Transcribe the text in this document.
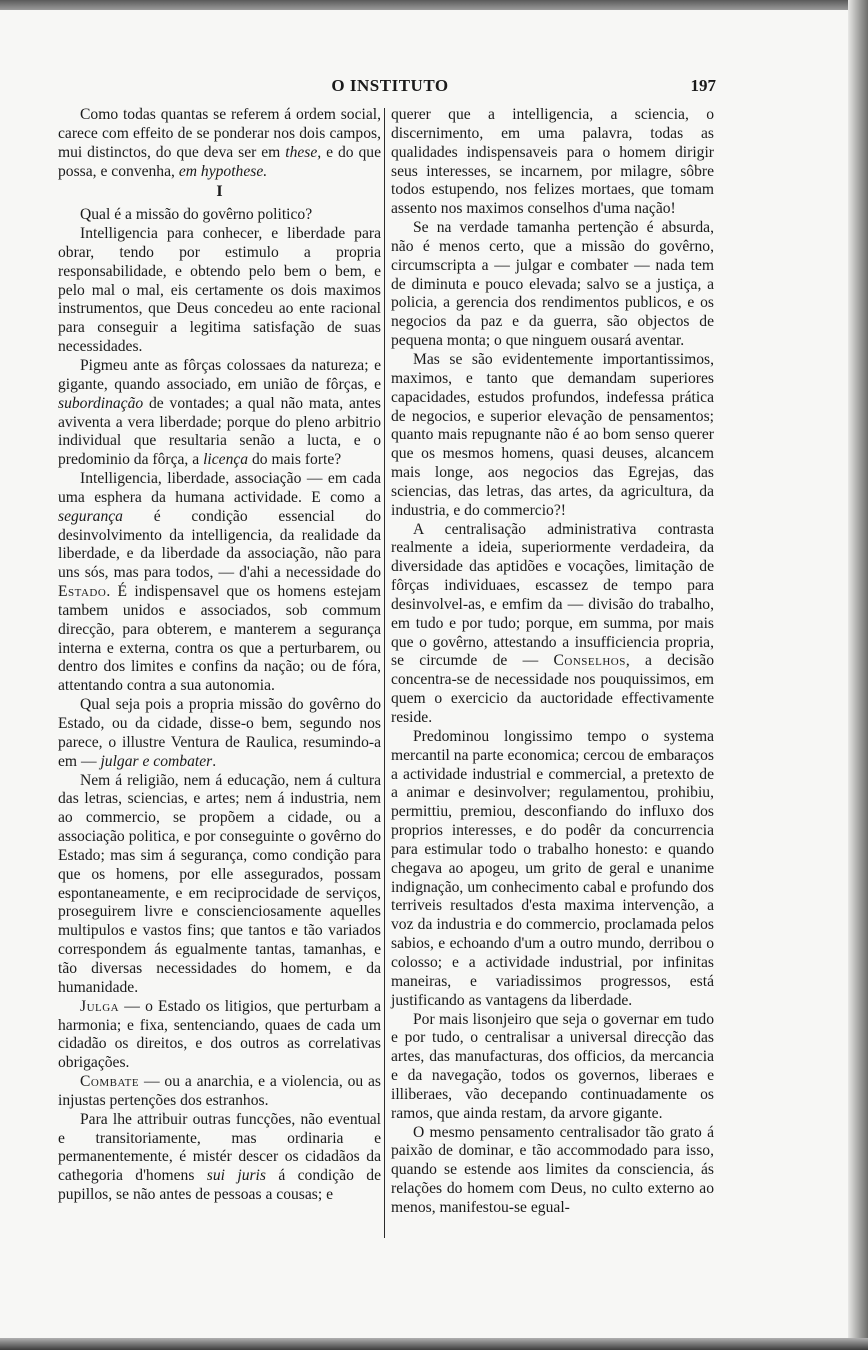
O INSTITUTO	197

Como todas quantas se referem á ordem social, carece com effeito de se ponderar nos dois campos, mui distinctos, do que deva ser em these, e do que possa, e convenha, em hypothese.

I

Qual é a missão do govêrno politico?

Intelligencia para conhecer, e liberdade para obrar, tendo por estimulo a propria responsabilidade, e obtendo pelo bem o bem, e pelo mal o mal, eis certamente os dois maximos instrumentos, que Deus concedeu ao ente racional para conseguir a legitima satisfação de suas necessidades.

Pigmeu ante as fôrças colossaes da natureza; e gigante, quando associado, em união de fôrças, e subordinação de vontades; a qual não mata, antes aviventa a vera liberdade; porque do pleno arbitrio individual que resultaria senão a lucta, e o predominio da fôrça, a licença do mais forte?

Intelligencia, liberdade, associação — em cada uma esphera da humana actividade. E como a segurança é condição essencial do desinvolvimento da intelligencia, da realidade da liberdade, e da liberdade da associação, não para uns sós, mas para todos, — d'ahi a necessidade do Estado. É indispensavel que os homens estejam tambem unidos e associados, sob commum direcção, para obterem, e manterem a segurança interna e externa, contra os que a perturbarem, ou dentro dos limites e confins da nação; ou de fóra, attentando contra a sua autonomia.

Qual seja pois a propria missão do govêrno do Estado, ou da cidade, disse-o bem, segundo nos parece, o illustre Ventura de Raulica, resumindo-a em — julgar e combater.

Nem á religião, nem á educação, nem á cultura das letras, sciencias, e artes; nem á industria, nem ao commercio, se propõem a cidade, ou a associação politica, e por conseguinte o govêrno do Estado; mas sim á segurança, como condição para que os homens, por elle assegurados, possam espontaneamente, e em reciprocidade de serviços, proseguirem livre e conscienciosamente aquelles multipulos e vastos fins; que tantos e tão variados correspondem ás egualmente tantas, tamanhas, e tão diversas necessidades do homem, e da humanidade.

Julga — o Estado os litigios, que perturbam a harmonia; e fixa, sentenciando, quaes de cada um cidadão os direitos, e dos outros as correlativas obrigações.

Combate — ou a anarchia, e a violencia, ou as injustas pertenções dos estranhos.

Para lhe attribuir outras funcções, não eventual e transitoriamente, mas ordinaria e permanentemente, é mistér descer os cidadãos da cathegoria d'homens sui juris á condição de pupillos, se não antes de pessoas a cousas; e

querer que a intelligencia, a sciencia, o discernimento, em uma palavra, todas as qualidades indispensaveis para o homem dirigir seus interesses, se incarnem, por milagre, sôbre todos estupendo, nos felizes mortaes, que tomam assento nos maximos conselhos d'uma nação!

Se na verdade tamanha pertenção é absurda, não é menos certo, que a missão do govêrno, circumscripta a — julgar e combater — nada tem de diminuta e pouco elevada; salvo se a justiça, a policia, a gerencia dos rendimentos publicos, e os negocios da paz e da guerra, são objectos de pequena monta; o que ninguem ousará aventar.

Mas se são evidentemente importantissimos, maximos, e tanto que demandam superiores capacidades, estudos profundos, indefessa prática de negocios, e superior elevação de pensamentos; quanto mais repugnante não é ao bom senso querer que os mesmos homens, quasi deuses, alcancem mais longe, aos negocios das Egrejas, das sciencias, das letras, das artes, da agricultura, da industria, e do commercio?!

A centralisação administrativa contrasta realmente a ideia, superiormente verdadeira, da diversidade das aptidões e vocações, limitação de fôrças individuaes, escassez de tempo para desinvolvel-as, e emfim da — divisão do trabalho, em tudo e por tudo; porque, em summa, por mais que o govêrno, attestando a insufficiencia propria, se circumde de — Conselhos, a decisão concentra-se de necessidade nos pouquissimos, em quem o exercicio da auctoridade effectivamente reside.

Predominou longissimo tempo o systema mercantil na parte economica; cercou de embaraços a actividade industrial e commercial, a pretexto de a animar e desinvolver; regulamentou, prohibiu, permittiu, premiou, desconfiando do influxo dos proprios interesses, e do podêr da concurrencia para estimular todo o trabalho honesto: e quando chegava ao apogeu, um grito de geral e unanime indignação, um conhecimento cabal e profundo dos terriveis resultados d'esta maxima intervenção, a voz da industria e do commercio, proclamada pelos sabios, e echoando d'um a outro mundo, derribou o colosso; e a actividade industrial, por infinitas maneiras, e variadissimos progressos, está justificando as vantagens da liberdade.

Por mais lisonjeiro que seja o governar em tudo e por tudo, o centralisar a universal direcção das artes, das manufacturas, dos officios, da mercancia e da navegação, todos os governos, liberaes e illiberaes, vão decepando continuadamente os ramos, que ainda restam, da arvore gigante.

O mesmo pensamento centralisador tão grato á paixão de dominar, e tão accommodado para isso, quando se estende aos limites da consciencia, ás relações do homem com Deus, no culto externo ao menos, manifestou-se egual-
